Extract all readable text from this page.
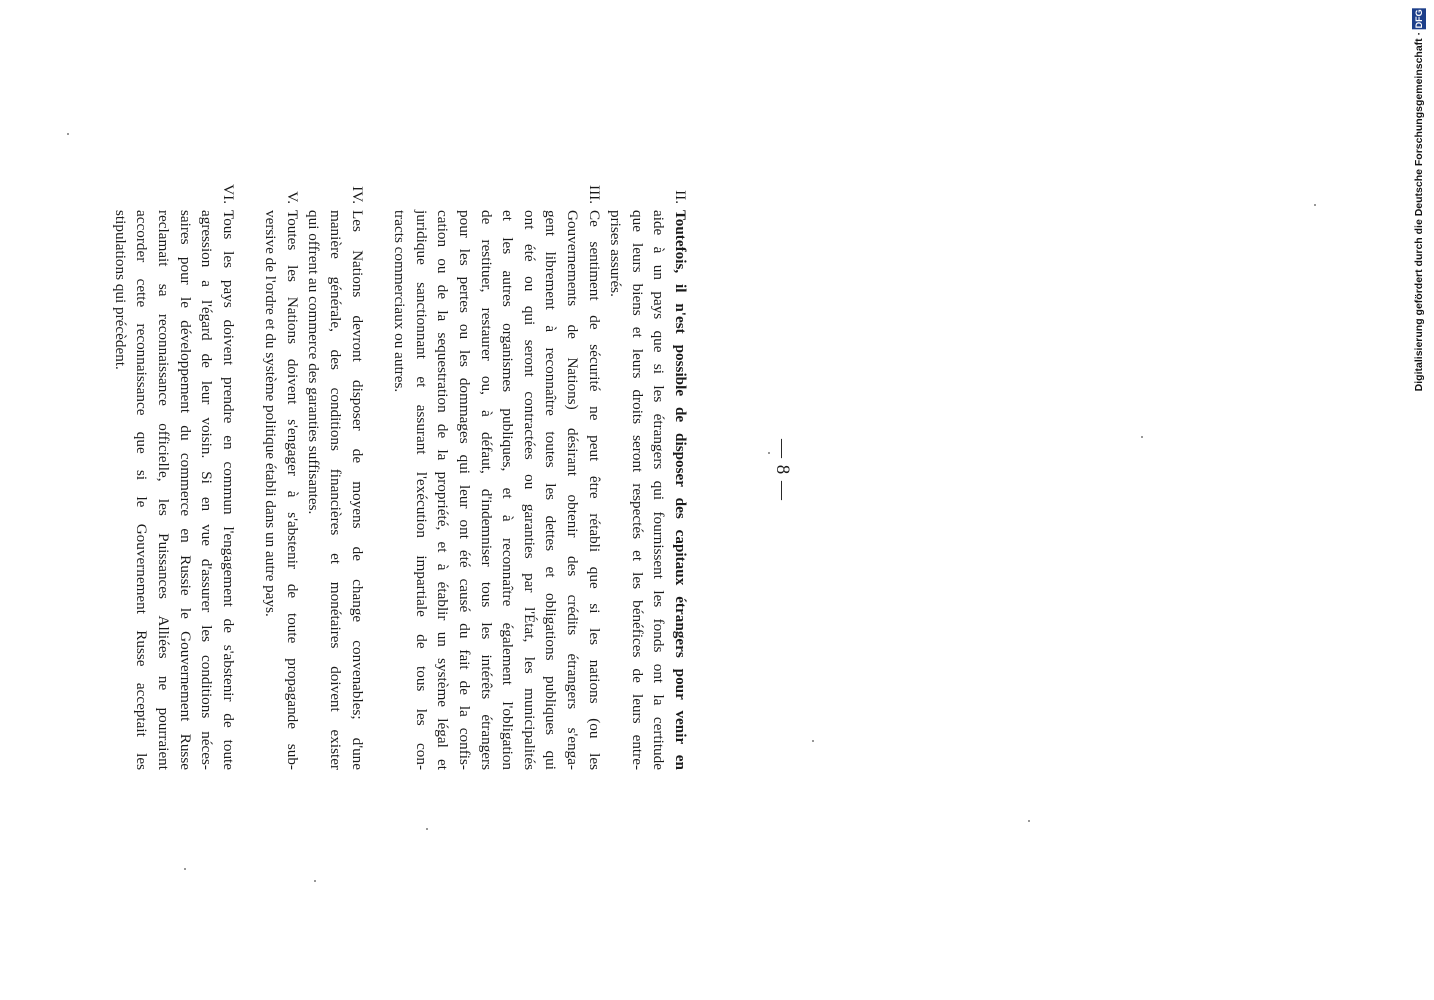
— 8 —
II.
Toutefois, il n'est possible de disposer des capitaux étrangers pour venir en
aide à un pays que si les étrangers qui fournissent les fonds ont la certitude
que leurs biens et leurs droits seront respectés et les bénéfices de leurs entre-
prises assurés.
III.
Ce sentiment de sécurité ne peut être rétabli que si les nations (ou les
Gouvernements de Nations) désirant obtenir des crédits étrangers s'enga-
gent librement à reconnaître toutes les dettes et obligations publiques qui
ont été ou qui seront contractées ou garanties par l'État, les municipalités
et les autres organismes publiques, et à reconnaître également l'obligation
de restituer, restaurer ou, à défaut, d'indemniser tous les intérêts étrangers
pour les pertes ou les dommages qui leur ont été causé du fait de la confis-
cation ou de la sequestration de la propriété, et à établir un système légal et
juridique sanctionnant et assurant l'exécution impartiale de tous les con-
tracts commerciaux ou autres.
IV.
Les Nations devront disposer de moyens de change convenables; d'une
manière générale, des conditions financières et monétaires doivent exister
qui offrent au commerce des garanties suffisantes.
V.
Toutes les Nations doivent s'engager à s'abstenir de toute propagande sub-
versive de l'ordre et du système politique établi dans un autre pays.
VI.
Tous les pays doivent prendre en commun l'engagement de s'abstenir de toute
agression a l'égard de leur voisin. Si en vue d'assurer les conditions néces-
saires pour le développement du commerce en Russie le Gouvernement Russe
reclamait sa reconnaissance officielle, les Puissances Alliées ne pourraient
accorder cette reconnaissance que si le Gouvernement Russe acceptait les
stipulations qui précèdent.	Digitalisierung gefördert durch die Deutsche Forschungsgemeinschaft · DFG
